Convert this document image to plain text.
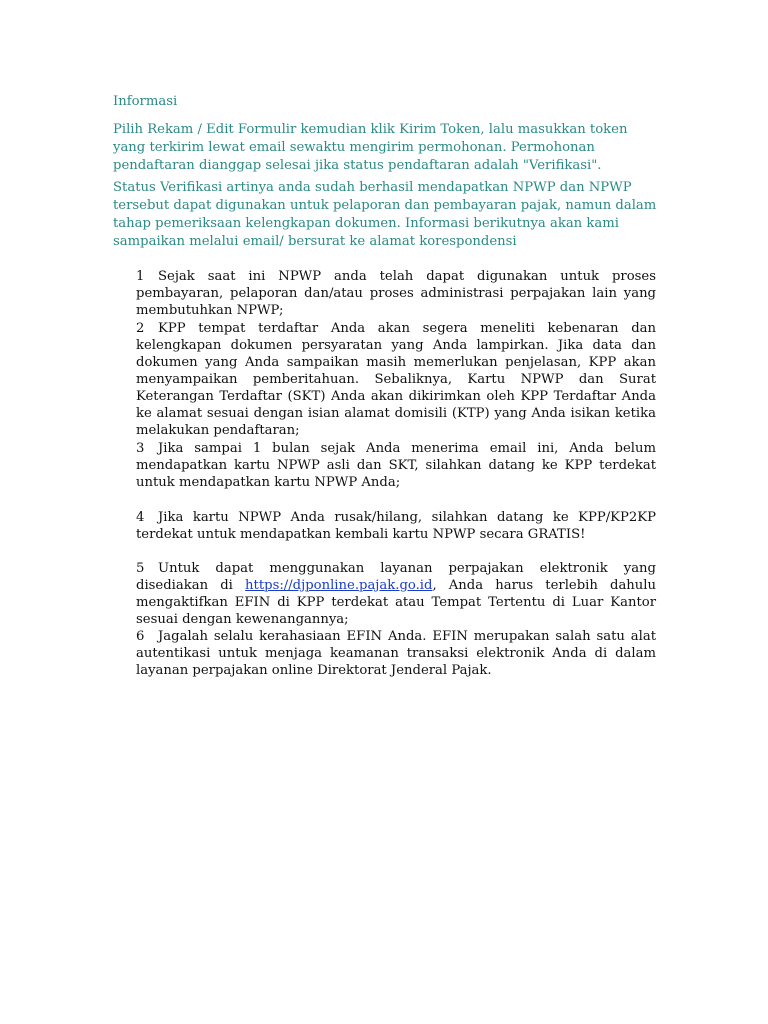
Informasi

Pilih Rekam / Edit Formulir kemudian klik Kirim Token, lalu masukkan token yang terkirim lewat email sewaktu mengirim permohonan. Permohonan pendaftaran dianggap selesai jika status pendaftaran adalah "Verifikasi".

Status Verifikasi artinya anda sudah berhasil mendapatkan NPWP dan NPWP tersebut dapat digunakan untuk pelaporan dan pembayaran pajak, namun dalam tahap pemeriksaan kelengkapan dokumen. Informasi berikutnya akan kami sampaikan melalui email/ bersurat ke alamat korespondensi

1 Sejak saat ini NPWP anda telah dapat digunakan untuk proses pembayaran, pelaporan dan/atau proses administrasi perpajakan lain yang membutuhkan NPWP;
2 KPP tempat terdaftar Anda akan segera meneliti kebenaran dan kelengkapan dokumen persyaratan yang Anda lampirkan. Jika data dan dokumen yang Anda sampaikan masih memerlukan penjelasan, KPP akan menyampaikan pemberitahuan. Sebaliknya, Kartu NPWP dan Surat Keterangan Terdaftar (SKT) Anda akan dikirimkan oleh KPP Terdaftar Anda ke alamat sesuai dengan isian alamat domisili (KTP) yang Anda isikan ketika melakukan pendaftaran;
3 Jika sampai 1 bulan sejak Anda menerima email ini, Anda belum mendapatkan kartu NPWP asli dan SKT, silahkan datang ke KPP terdekat untuk mendapatkan kartu NPWP Anda;
4 Jika kartu NPWP Anda rusak/hilang, silahkan datang ke KPP/KP2KP terdekat untuk mendapatkan kembali kartu NPWP secara GRATIS!
5 Untuk dapat menggunakan layanan perpajakan elektronik yang disediakan di https://djponline.pajak.go.id, Anda harus terlebih dahulu mengaktifkan EFIN di KPP terdekat atau Tempat Tertentu di Luar Kantor sesuai dengan kewenangannya;
6 Jagalah selalu kerahasiaan EFIN Anda. EFIN merupakan salah satu alat autentikasi untuk menjaga keamanan transaksi elektronik Anda di dalam layanan perpajakan online Direktorat Jenderal Pajak.
